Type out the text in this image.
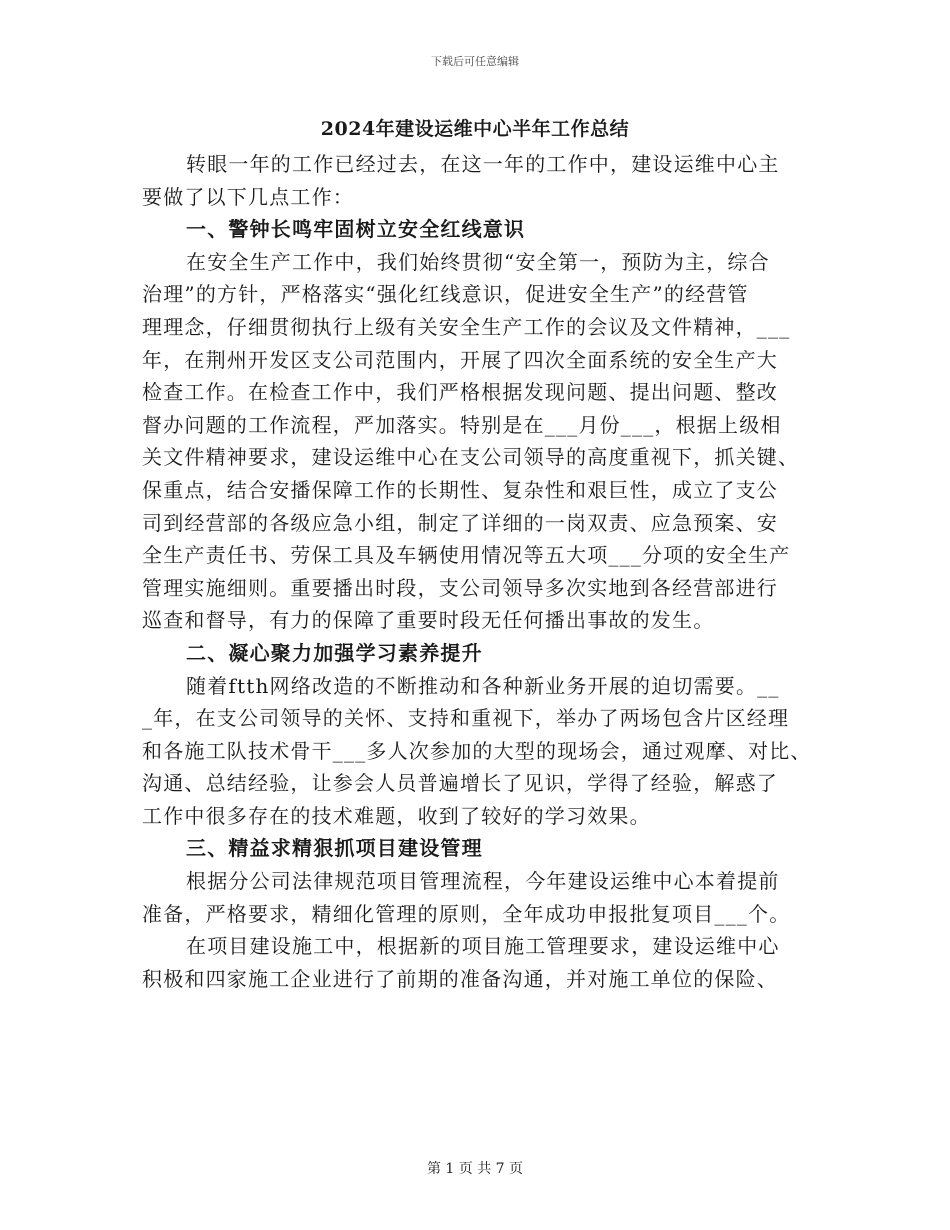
下载后可任意编辑
2024年建设运维中心半年工作总结
转眼一年的工作已经过去，在这一年的工作中，建设运维中心主
要做了以下几点工作：
一、警钟长鸣牢固树立安全红线意识
在安全生产工作中，我们始终贯彻“安全第一，预防为主，综合
治理”的方针，严格落实“强化红线意识，促进安全生产”的经营管
理理念，仔细贯彻执行上级有关安全生产工作的会议及文件精神，___
年，在荆州开发区支公司范围内，开展了四次全面系统的安全生产大
检查工作。在检查工作中，我们严格根据发现问题、提出问题、整改
督办问题的工作流程，严加落实。特别是在___月份___，根据上级相
关文件精神要求，建设运维中心在支公司领导的高度重视下，抓关键、
保重点，结合安播保障工作的长期性、复杂性和艰巨性，成立了支公
司到经营部的各级应急小组，制定了详细的一岗双责、应急预案、安
全生产责任书、劳保工具及车辆使用情况等五大项___分项的安全生产
管理实施细则。重要播出时段，支公司领导多次实地到各经营部进行
巡查和督导，有力的保障了重要时段无任何播出事故的发生。
二、凝心聚力加强学习素养提升
随着ftth网络改造的不断推动和各种新业务开展的迫切需要。__
_年，在支公司领导的关怀、支持和重视下，举办了两场包含片区经理
和各施工队技术骨干___多人次参加的大型的现场会，通过观摩、对比、
沟通、总结经验，让参会人员普遍增长了见识，学得了经验，解惑了
工作中很多存在的技术难题，收到了较好的学习效果。
三、精益求精狠抓项目建设管理
根据分公司法律规范项目管理流程，今年建设运维中心本着提前
准备，严格要求，精细化管理的原则，全年成功申报批复项目___个。
在项目建设施工中，根据新的项目施工管理要求，建设运维中心
积极和四家施工企业进行了前期的准备沟通，并对施工单位的保险、
第 1 页 共 7 页
